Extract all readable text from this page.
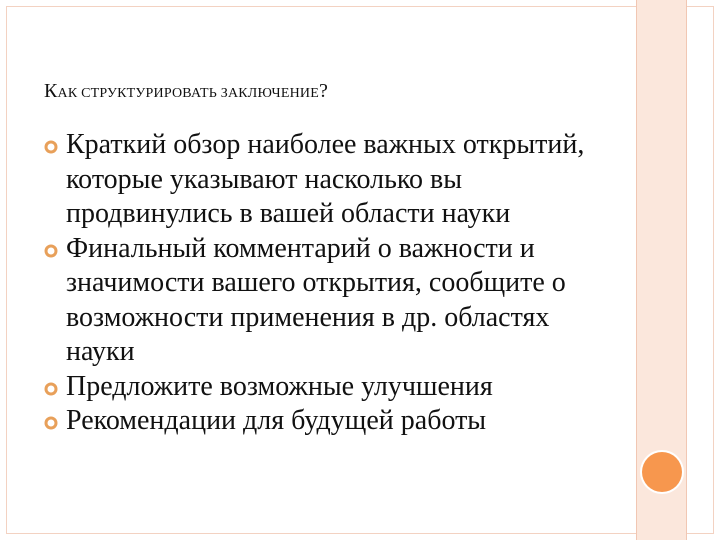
КАК СТРУКТУРИРОВАТЬ ЗАКЛЮЧЕНИЕ?
Краткий обзор наиболее важных открытий, которые указывают насколько вы продвинулись в вашей области науки
Финальный комментарий о важности и значимости вашего открытия, сообщите о возможности применения в др. областях науки
Предложите возможные улучшения
Рекомендации для будущей работы
